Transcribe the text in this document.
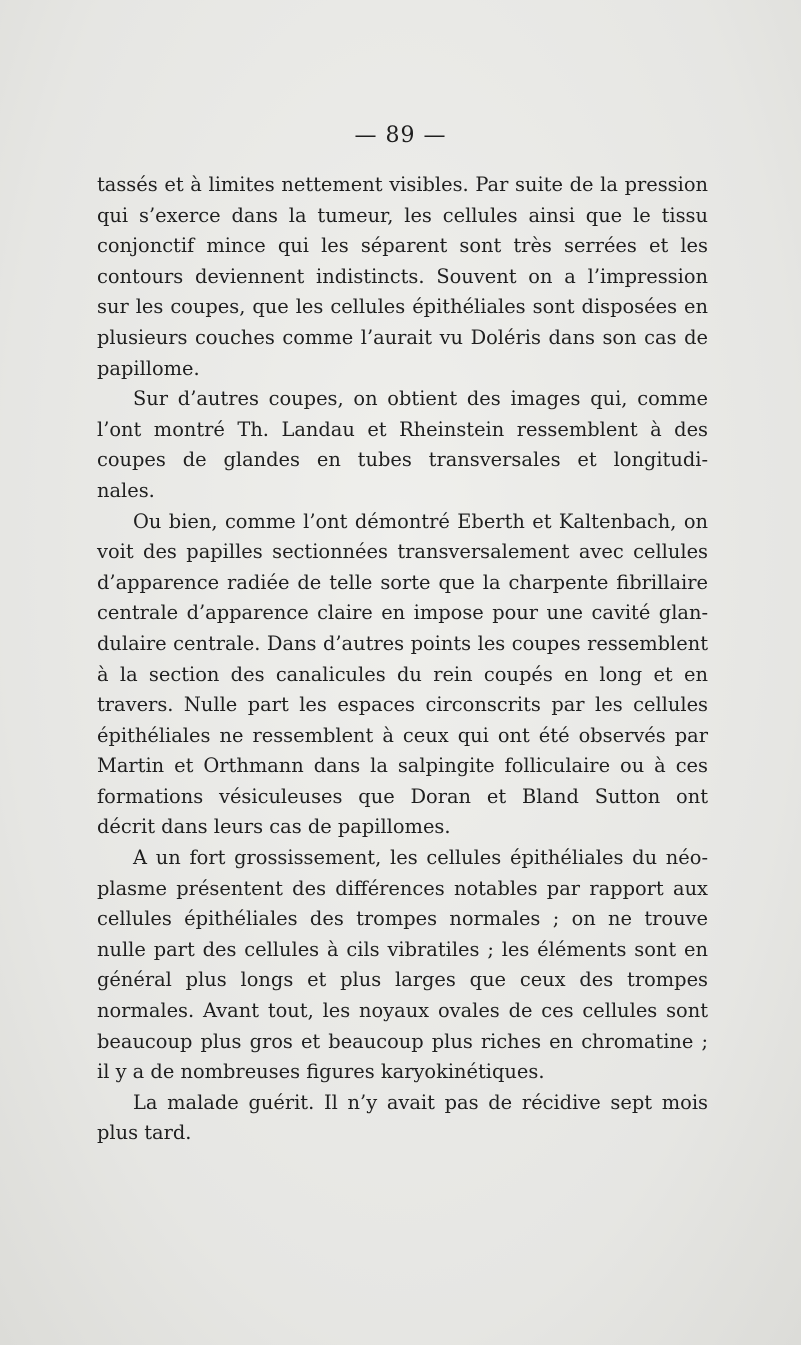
— 89 —
tassés et à limites nettement visibles. Par suite de la pression
qui s’exerce dans la tumeur, les cellules ainsi que le tissu
conjonctif mince qui les séparent sont très serrées et les
contours deviennent indistincts. Souvent on a l’impression
sur les coupes, que les cellules épithéliales sont disposées en
plusieurs couches comme l’aurait vu Doléris dans son cas de
papillome.
Sur d’autres coupes, on obtient des images qui, comme
l’ont montré Th. Landau et Rheinstein ressemblent à des
coupes de glandes en tubes transversales et longitudi-
nales.
Ou bien, comme l’ont démontré Eberth et Kaltenbach, on
voit des papilles sectionnées transversalement avec cellules
d’apparence radiée de telle sorte que la charpente fibrillaire
centrale d’apparence claire en impose pour une cavité glan-
dulaire centrale. Dans d’autres points les coupes ressemblent
à la section des canalicules du rein coupés en long et en
travers. Nulle part les espaces circonscrits par les cellules
épithéliales ne ressemblent à ceux qui ont été observés par
Martin et Orthmann dans la salpingite folliculaire ou à ces
formations vésiculeuses que Doran et Bland Sutton ont
décrit dans leurs cas de papillomes.
A un fort grossissement, les cellules épithéliales du néo-
plasme présentent des différences notables par rapport aux
cellules épithéliales des trompes normales ; on ne trouve
nulle part des cellules à cils vibratiles ; les éléments sont en
général plus longs et plus larges que ceux des trompes
normales. Avant tout, les noyaux ovales de ces cellules sont
beaucoup plus gros et beaucoup plus riches en chromatine ;
il y a de nombreuses figures karyokinétiques.
La malade guérit. Il n’y avait pas de récidive sept mois
plus tard.
